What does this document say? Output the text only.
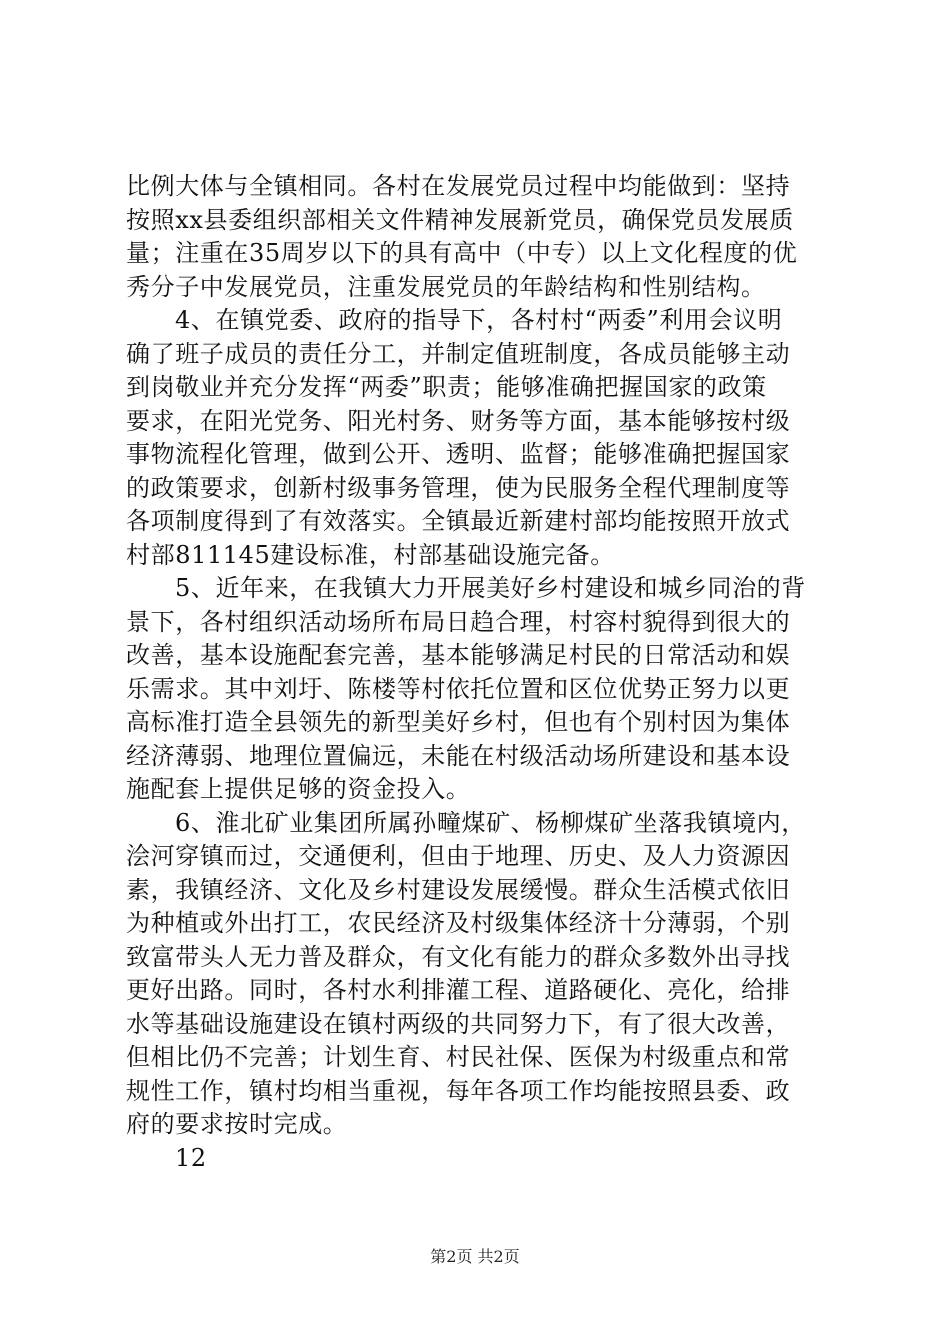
比例大体与全镇相同。各村在发展党员过程中均能做到：坚持
按照xx县委组织部相关文件精神发展新党员，确保党员发展质
量；注重在35周岁以下的具有高中（中专）以上文化程度的优
秀分子中发展党员，注重发展党员的年龄结构和性别结构。
4、在镇党委、政府的指导下，各村村“两委”利用会议明
确了班子成员的责任分工，并制定值班制度，各成员能够主动
到岗敬业并充分发挥“两委”职责；能够准确把握国家的政策
要求，在阳光党务、阳光村务、财务等方面，基本能够按村级
事物流程化管理，做到公开、透明、监督；能够准确把握国家
的政策要求，创新村级事务管理，使为民服务全程代理制度等
各项制度得到了有效落实。全镇最近新建村部均能按照开放式
村部811145建设标准，村部基础设施完备。
5、近年来，在我镇大力开展美好乡村建设和城乡同治的背
景下，各村组织活动场所布局日趋合理，村容村貌得到很大的
改善，基本设施配套完善，基本能够满足村民的日常活动和娱
乐需求。其中刘圩、陈楼等村依托位置和区位优势正努力以更
高标准打造全县领先的新型美好乡村，但也有个别村因为集体
经济薄弱、地理位置偏远，未能在村级活动场所建设和基本设
施配套上提供足够的资金投入。
6、淮北矿业集团所属孙疃煤矿、杨柳煤矿坐落我镇境内，
浍河穿镇而过，交通便利，但由于地理、历史、及人力资源因
素，我镇经济、文化及乡村建设发展缓慢。群众生活模式依旧
为种植或外出打工，农民经济及村级集体经济十分薄弱，个别
致富带头人无力普及群众，有文化有能力的群众多数外出寻找
更好出路。同时，各村水利排灌工程、道路硬化、亮化，给排
水等基础设施建设在镇村两级的共同努力下，有了很大改善，
但相比仍不完善；计划生育、村民社保、医保为村级重点和常
规性工作，镇村均相当重视，每年各项工作均能按照县委、政
府的要求按时完成。
12
第2页 共2页
